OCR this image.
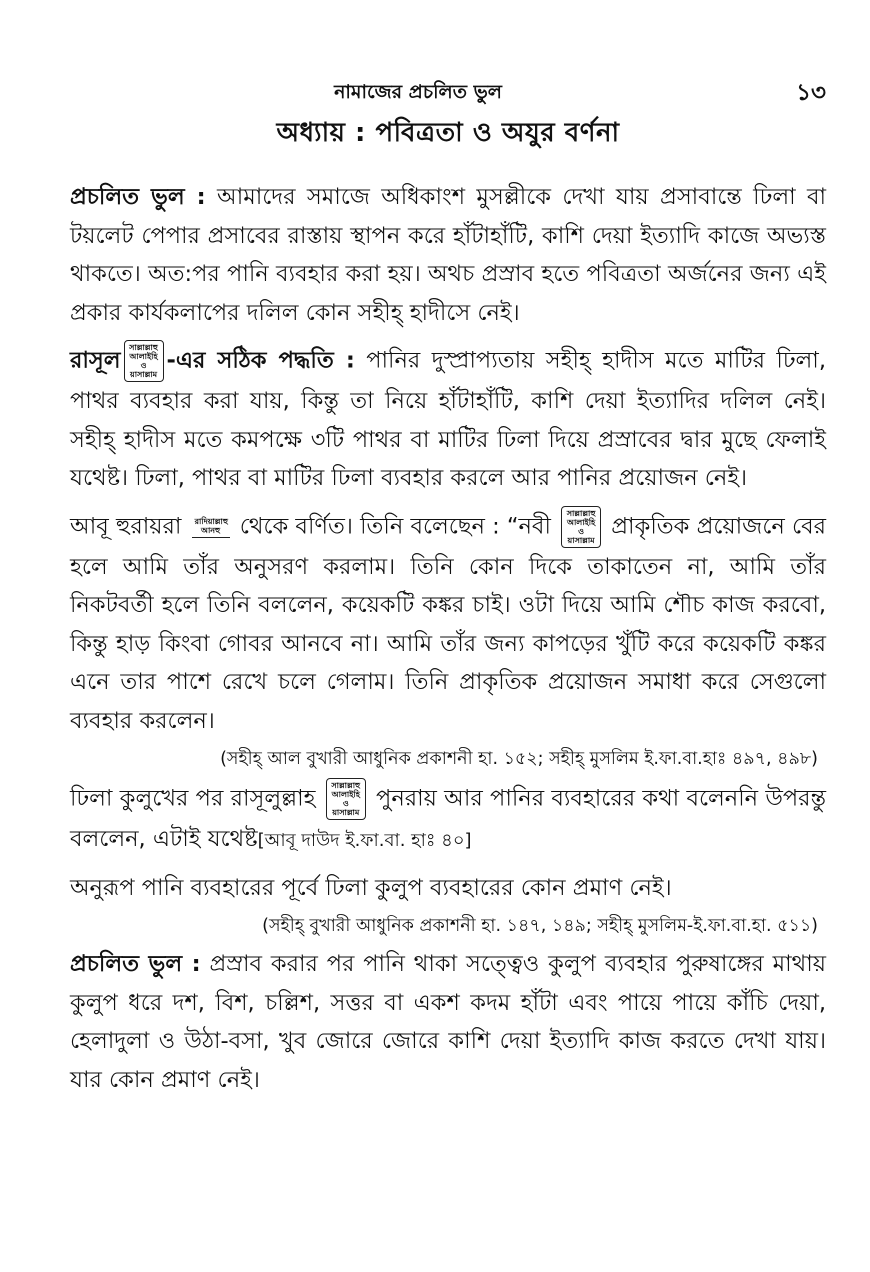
নামাজের প্রচলিত ভুল	১৩
অধ্যায় : পবিত্রতা ও অযুর বর্ণনা

প্রচলিত ভুল : আমাদের সমাজে অধিকাংশ মুসল্লীকে দেখা যায় প্রসাবান্তে ঢিলা বা টয়লেট পেপার প্রসাবের রাস্তায় স্থাপন করে হাঁটাহাঁটি, কাশি দেয়া ইত্যাদি কাজে অভ্যস্ত থাকতে। অত:পর পানি ব্যবহার করা হয়। অথচ প্রস্রাব হতে পবিত্রতা অর্জনের জন্য এই প্রকার কার্যকলাপের দলিল কোন সহীহ্ হাদীসে নেই।

রাসূল সাল্লাল্লাহু আলাইহি ওয়াসাল্লাম-এর সঠিক পদ্ধতি : পানির দুস্প্রাপ্যতায় সহীহ্ হাদীস মতে মাটির ঢিলা, পাথর ব্যবহার করা যায়, কিন্তু তা নিয়ে হাঁটাহাঁটি, কাশি দেয়া ইত্যাদির দলিল নেই। সহীহ্ হাদীস মতে কমপক্ষে ৩টি পাথর বা মাটির ঢিলা দিয়ে প্রস্রাবের দ্বার মুছে ফেলাই যথেষ্ট। ঢিলা, পাথর বা মাটির ঢিলা ব্যবহার করলে আর পানির প্রয়োজন নেই।

আবূ হুরায়রা রাদিয়াল্লাহু আনহু থেকে বর্ণিত। তিনি বলেছেন : “নবী সাল্লাল্লাহু আলাইহি ওয়াসাল্লাম প্রাকৃতিক প্রয়োজনে বের হলে আমি তাঁর অনুসরণ করলাম। তিনি কোন দিকে তাকাতেন না, আমি তাঁর নিকটবর্তী হলে তিনি বললেন, কয়েকটি কঙ্কর চাই। ওটা দিয়ে আমি শৌচ কাজ করবো, কিন্তু হাড় কিংবা গোবর আনবে না। আমি তাঁর জন্য কাপড়ের খুঁটি করে কয়েকটি কঙ্কর এনে তার পাশে রেখে চলে গেলাম। তিনি প্রাকৃতিক প্রয়োজন সমাধা করে সেগুলো ব্যবহার করলেন।

(সহীহ্ আল বুখারী আধুনিক প্রকাশনী হা. ১৫২; সহীহ্ মুসলিম ই.ফা.বা.হাঃ ৪৯৭, ৪৯৮)

ঢিলা কুলুখের পর রাসূলুল্লাহ সাল্লাল্লাহু আলাইহি ওয়াসাল্লাম পুনরায় আর পানির ব্যবহারের কথা বলেননি উপরন্তু বললেন, এটাই যথেষ্ট[আবূ দাউদ ই.ফা.বা. হাঃ ৪০]

অনুরূপ পানি ব্যবহারের পূর্বে ঢিলা কুলুপ ব্যবহারের কোন প্রমাণ নেই।

(সহীহ্ বুখারী আধুনিক প্রকাশনী হা. ১৪৭, ১৪৯; সহীহ্ মুসলিম-ই.ফা.বা.হা. ৫১১)

প্রচলিত ভুল : প্রস্রাব করার পর পানি থাকা সত্ত্বেও কুলুপ ব্যবহার পুরুষাঙ্গের মাথায় কুলুপ ধরে দশ, বিশ, চল্লিশ, সত্তর বা একশ কদম হাঁটা এবং পায়ে পায়ে কাঁচি দেয়া, হেলাদুলা ও উঠা-বসা, খুব জোরে জোরে কাশি দেয়া ইত্যাদি কাজ করতে দেখা যায়। যার কোন প্রমাণ নেই।
